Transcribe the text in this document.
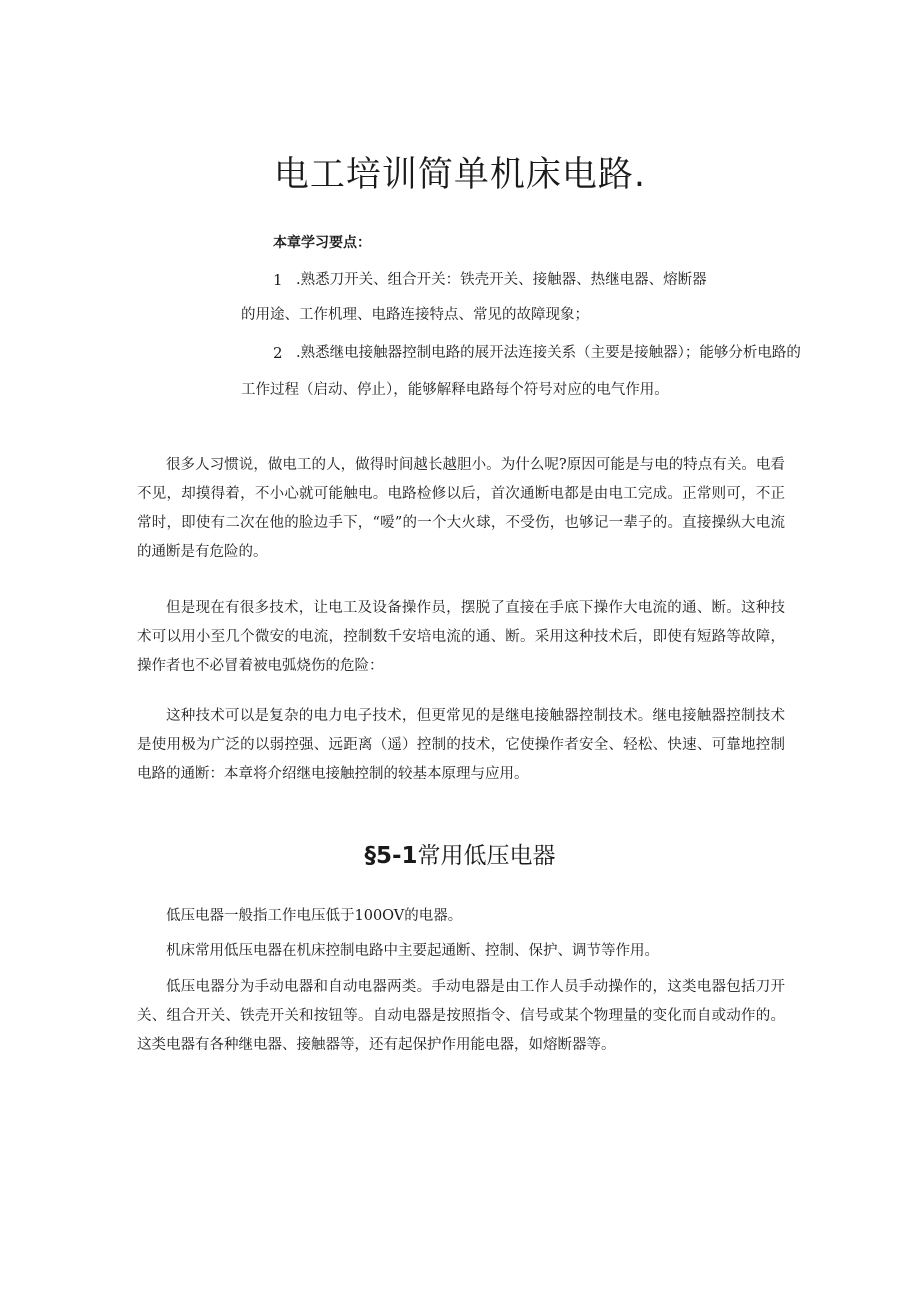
电工培训简单机床电路.
本章学习要点：
1 .熟悉刀开关、组合开关：铁壳开关、接触器、热继电器、熔断器
的用途、工作机理、电路连接特点、常见的故障现象；
2 .熟悉继电接触器控制电路的展开法连接关系（主要是接触器）；能够分析电路的
工作过程（启动、停止），能够解释电路每个符号对应的电气作用。
很多人习惯说，做电工的人，做得时间越长越胆小。为什么呢?原因可能是与电的特点有关。电看不见，却摸得着，不小心就可能触电。电路检修以后，首次通断电都是由电工完成。正常则可，不正常时，即使有二次在他的脸边手下，“嗳”的一个大火球，不受伤，也够记一辈子的。直接操纵大电流的通断是有危险的。
但是现在有很多技术，让电工及设备操作员，摆脱了直接在手底下操作大电流的通、断。这种技术可以用小至几个微安的电流，控制数千安培电流的通、断。采用这种技术后，即使有短路等故障，操作者也不必冒着被电弧烧伤的危险：
这种技术可以是复杂的电力电子技术，但更常见的是继电接触器控制技术。继电接触器控制技术是使用极为广泛的以弱控强、远距离（遥）控制的技术，它使操作者安全、轻松、快速、可靠地控制电路的通断：本章将介绍继电接触控制的较基本原理与应用。
§5-1常用低压电器
低压电器一般指工作电压低于100OV的电器。
机床常用低压电器在机床控制电路中主要起通断、控制、保护、调节等作用。
低压电器分为手动电器和自动电器两类。手动电器是由工作人员手动操作的，这类电器包括刀开关、组合开关、铁壳开关和按钮等。自动电器是按照指令、信号或某个物理量的变化而自或动作的。这类电器有各种继电器、接触器等，还有起保护作用能电器，如熔断器等。
